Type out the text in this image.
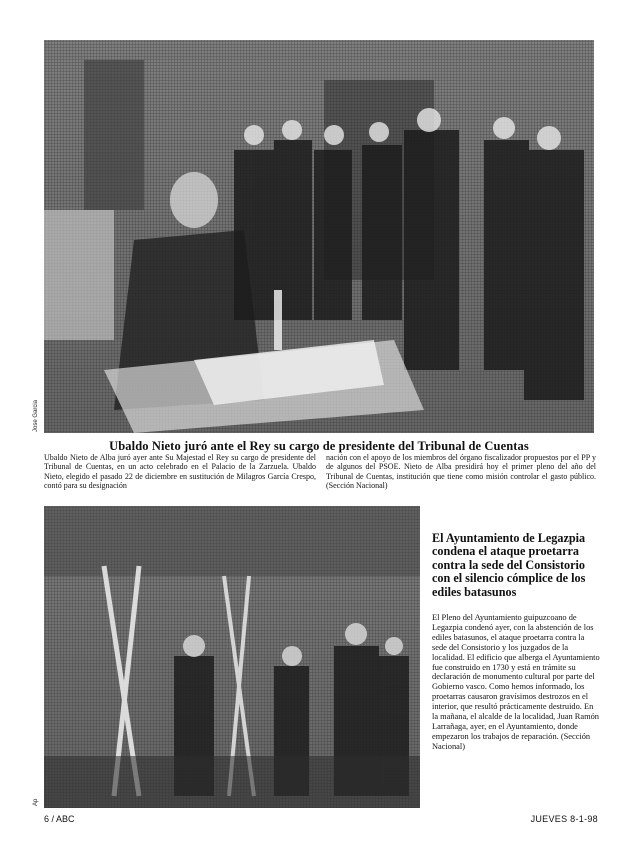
Jose Garcia
Ubaldo Nieto juró ante el Rey su cargo de presidente del Tribunal de Cuentas
Ubaldo Nieto de Alba juró ayer ante Su Majestad el Rey su cargo de presidente del Tribunal de Cuentas, en un acto celebrado en el Palacio de la Zarzuela. Ubaldo Nieto, elegido el pasado 22 de diciembre en sustitución de Milagros García Crespo, contó para su designación
nación con el apoyo de los miembros del órgano fiscalizador propuestos por el PP y de algunos del PSOE. Nieto de Alba presidirá hoy el primer pleno del año del Tribunal de Cuentas, institución que tiene como misión controlar el gasto público. (Sección Nacional)
Ap
El Ayuntamiento de Legazpia condena el ataque proetarra contra la sede del Consistorio con el silencio cómplice de los ediles batasunos
El Pleno del Ayuntamiento guipuzcoano de Legazpia condenó ayer, con la abstención de los ediles batasunos, el ataque proetarra contra la sede del Consistorio y los juzgados de la localidad. El edificio que alberga el Ayuntamiento fue construido en 1730 y está en trámite su declaración de monumento cultural por parte del Gobierno vasco. Como hemos informado, los proetarras causaron gravísimos destrozos en el interior, que resultó prácticamente destruido. En la mañana, el alcalde de la localidad, Juan Ramón Larrañaga, ayer, en el Ayuntamiento, donde empezaron los trabajos de reparación. (Sección Nacional)
6 / ABC	JUEVES 8-1-98
